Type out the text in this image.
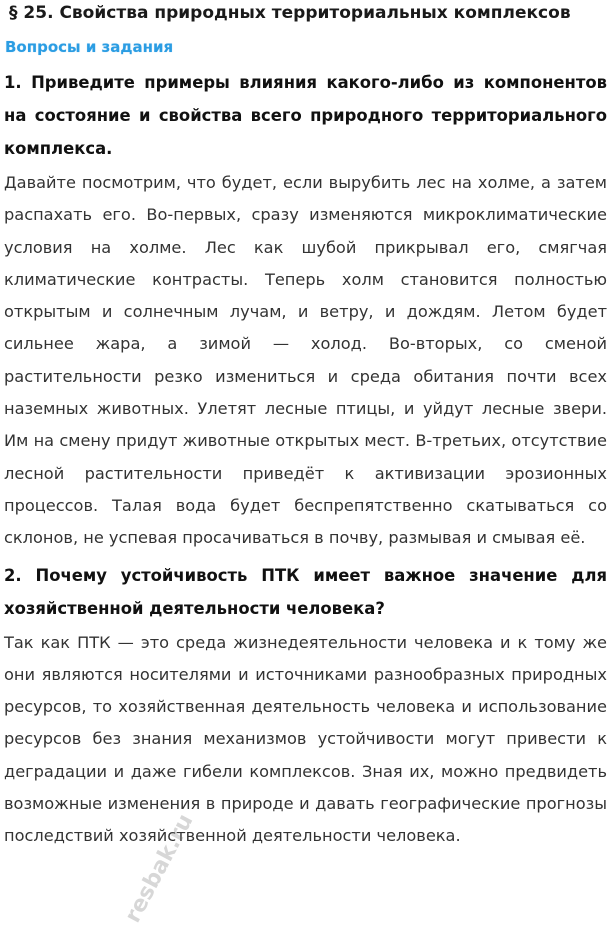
§ 25. Свойства природных территориальных комплексов
Вопросы и задания
1. Приведите примеры влияния какого-либо из компонентов на состояние и свойства всего природного территориального комплекса.
Давайте посмотрим, что будет, если вырубить лес на холме, а затем распахать его. Во-первых, сразу изменяются микроклиматические условия на холме. Лес как шубой прикрывал его, смягчая климатические контрасты. Теперь холм становится полностью открытым и солнечным лучам, и ветру, и дождям. Летом будет сильнее жара, а зимой — холод. Во-вторых, со сменой растительности резко измениться и среда обитания почти всех наземных животных. Улетят лесные птицы, и уйдут лесные звери. Им на смену придут животные открытых мест. В-третьих, отсутствие лесной растительности приведёт к активизации эрозионных процессов. Талая вода будет беспрепятственно скатываться со склонов, не успевая просачиваться в почву, размывая и смывая её.
2. Почему устойчивость ПТК имеет важное значение для хозяйственной деятельности человека?
Так как ПТК — это среда жизнедеятельности человека и к тому же они являются носителями и источниками разнообразных природных ресурсов, то хозяйственная деятельность человека и использование ресурсов без знания механизмов устойчивости могут привести к деградации и даже гибели комплексов. Зная их, можно предвидеть возможные изменения в природе и давать географические прогнозы последствий хозяйственной деятельности человека.
resbak.ru
